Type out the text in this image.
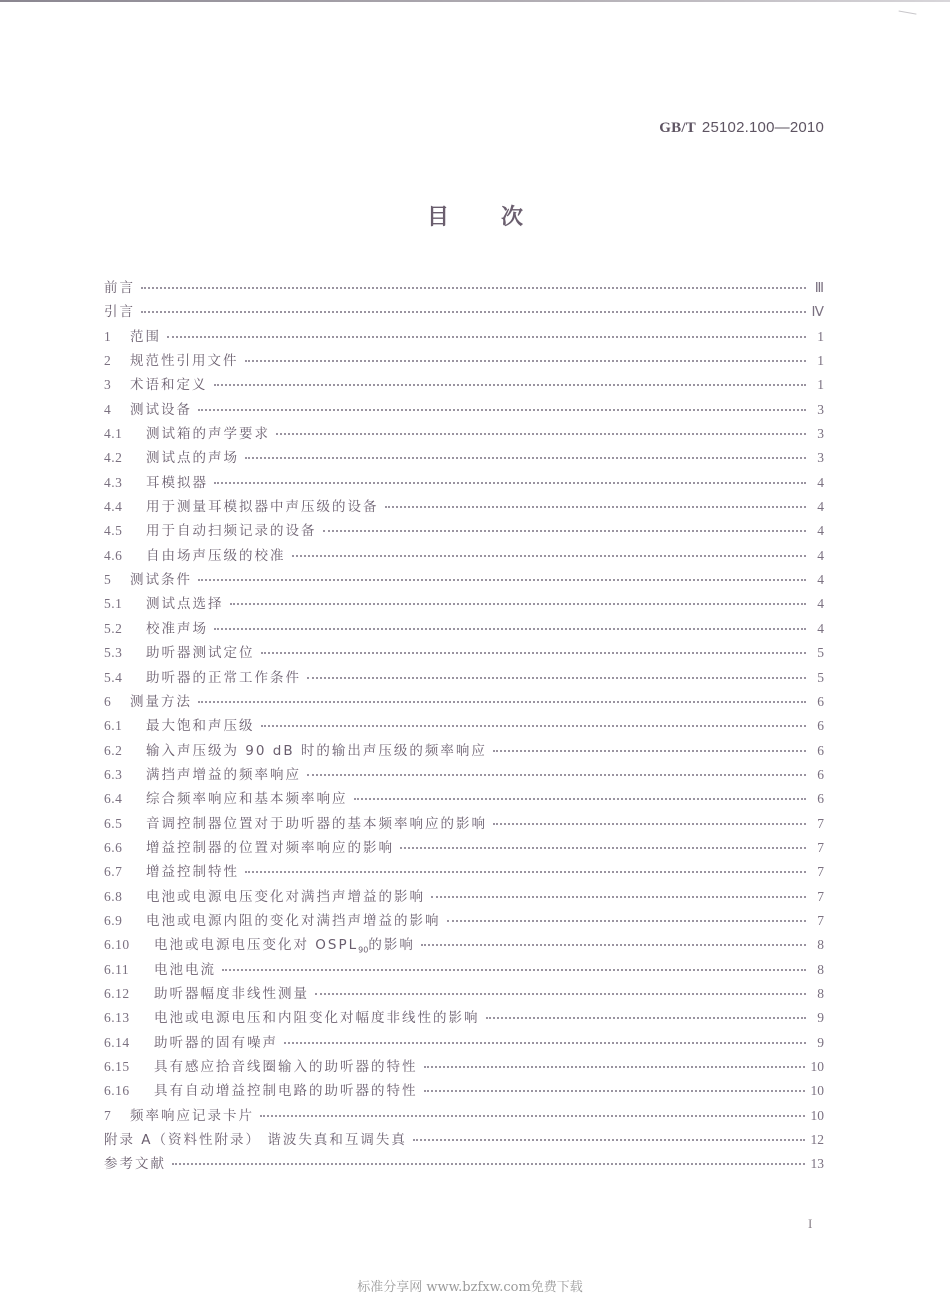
GB/T 25102.100—2010
目 次
前言	Ⅲ
引言	Ⅳ
1	范围	1
2	规范性引用文件	1
3	术语和定义	1
4	测试设备	3
4.1	测试箱的声学要求	3
4.2	测试点的声场	3
4.3	耳模拟器	4
4.4	用于测量耳模拟器中声压级的设备	4
4.5	用于自动扫频记录的设备	4
4.6	自由场声压级的校准	4
5	测试条件	4
5.1	测试点选择	4
5.2	校准声场	4
5.3	助听器测试定位	5
5.4	助听器的正常工作条件	5
6	测量方法	6
6.1	最大饱和声压级	6
6.2	输入声压级为 90 dB 时的输出声压级的频率响应	6
6.3	满挡声增益的频率响应	6
6.4	综合频率响应和基本频率响应	6
6.5	音调控制器位置对于助听器的基本频率响应的影响	7
6.6	增益控制器的位置对频率响应的影响	7
6.7	增益控制特性	7
6.8	电池或电源电压变化对满挡声增益的影响	7
6.9	电池或电源内阻的变化对满挡声增益的影响	7
6.10	电池或电源电压变化对 $OSPL_{90}$的影响	8
6.11	电池电流	8
6.12	助听器幅度非线性测量	8
6.13	电池或电源电压和内阻变化对幅度非线性的影响	9
6.14	助听器的固有噪声	9
6.15	具有感应拾音线圈输入的助听器的特性	10
6.16	具有自动增益控制电路的助听器的特性	10
7	频率响应记录卡片	10
附录 A（资料性附录） 谐波失真和互调失真	12
参考文献	13
I
标准分享网 www.bzfxw.com免费下载
